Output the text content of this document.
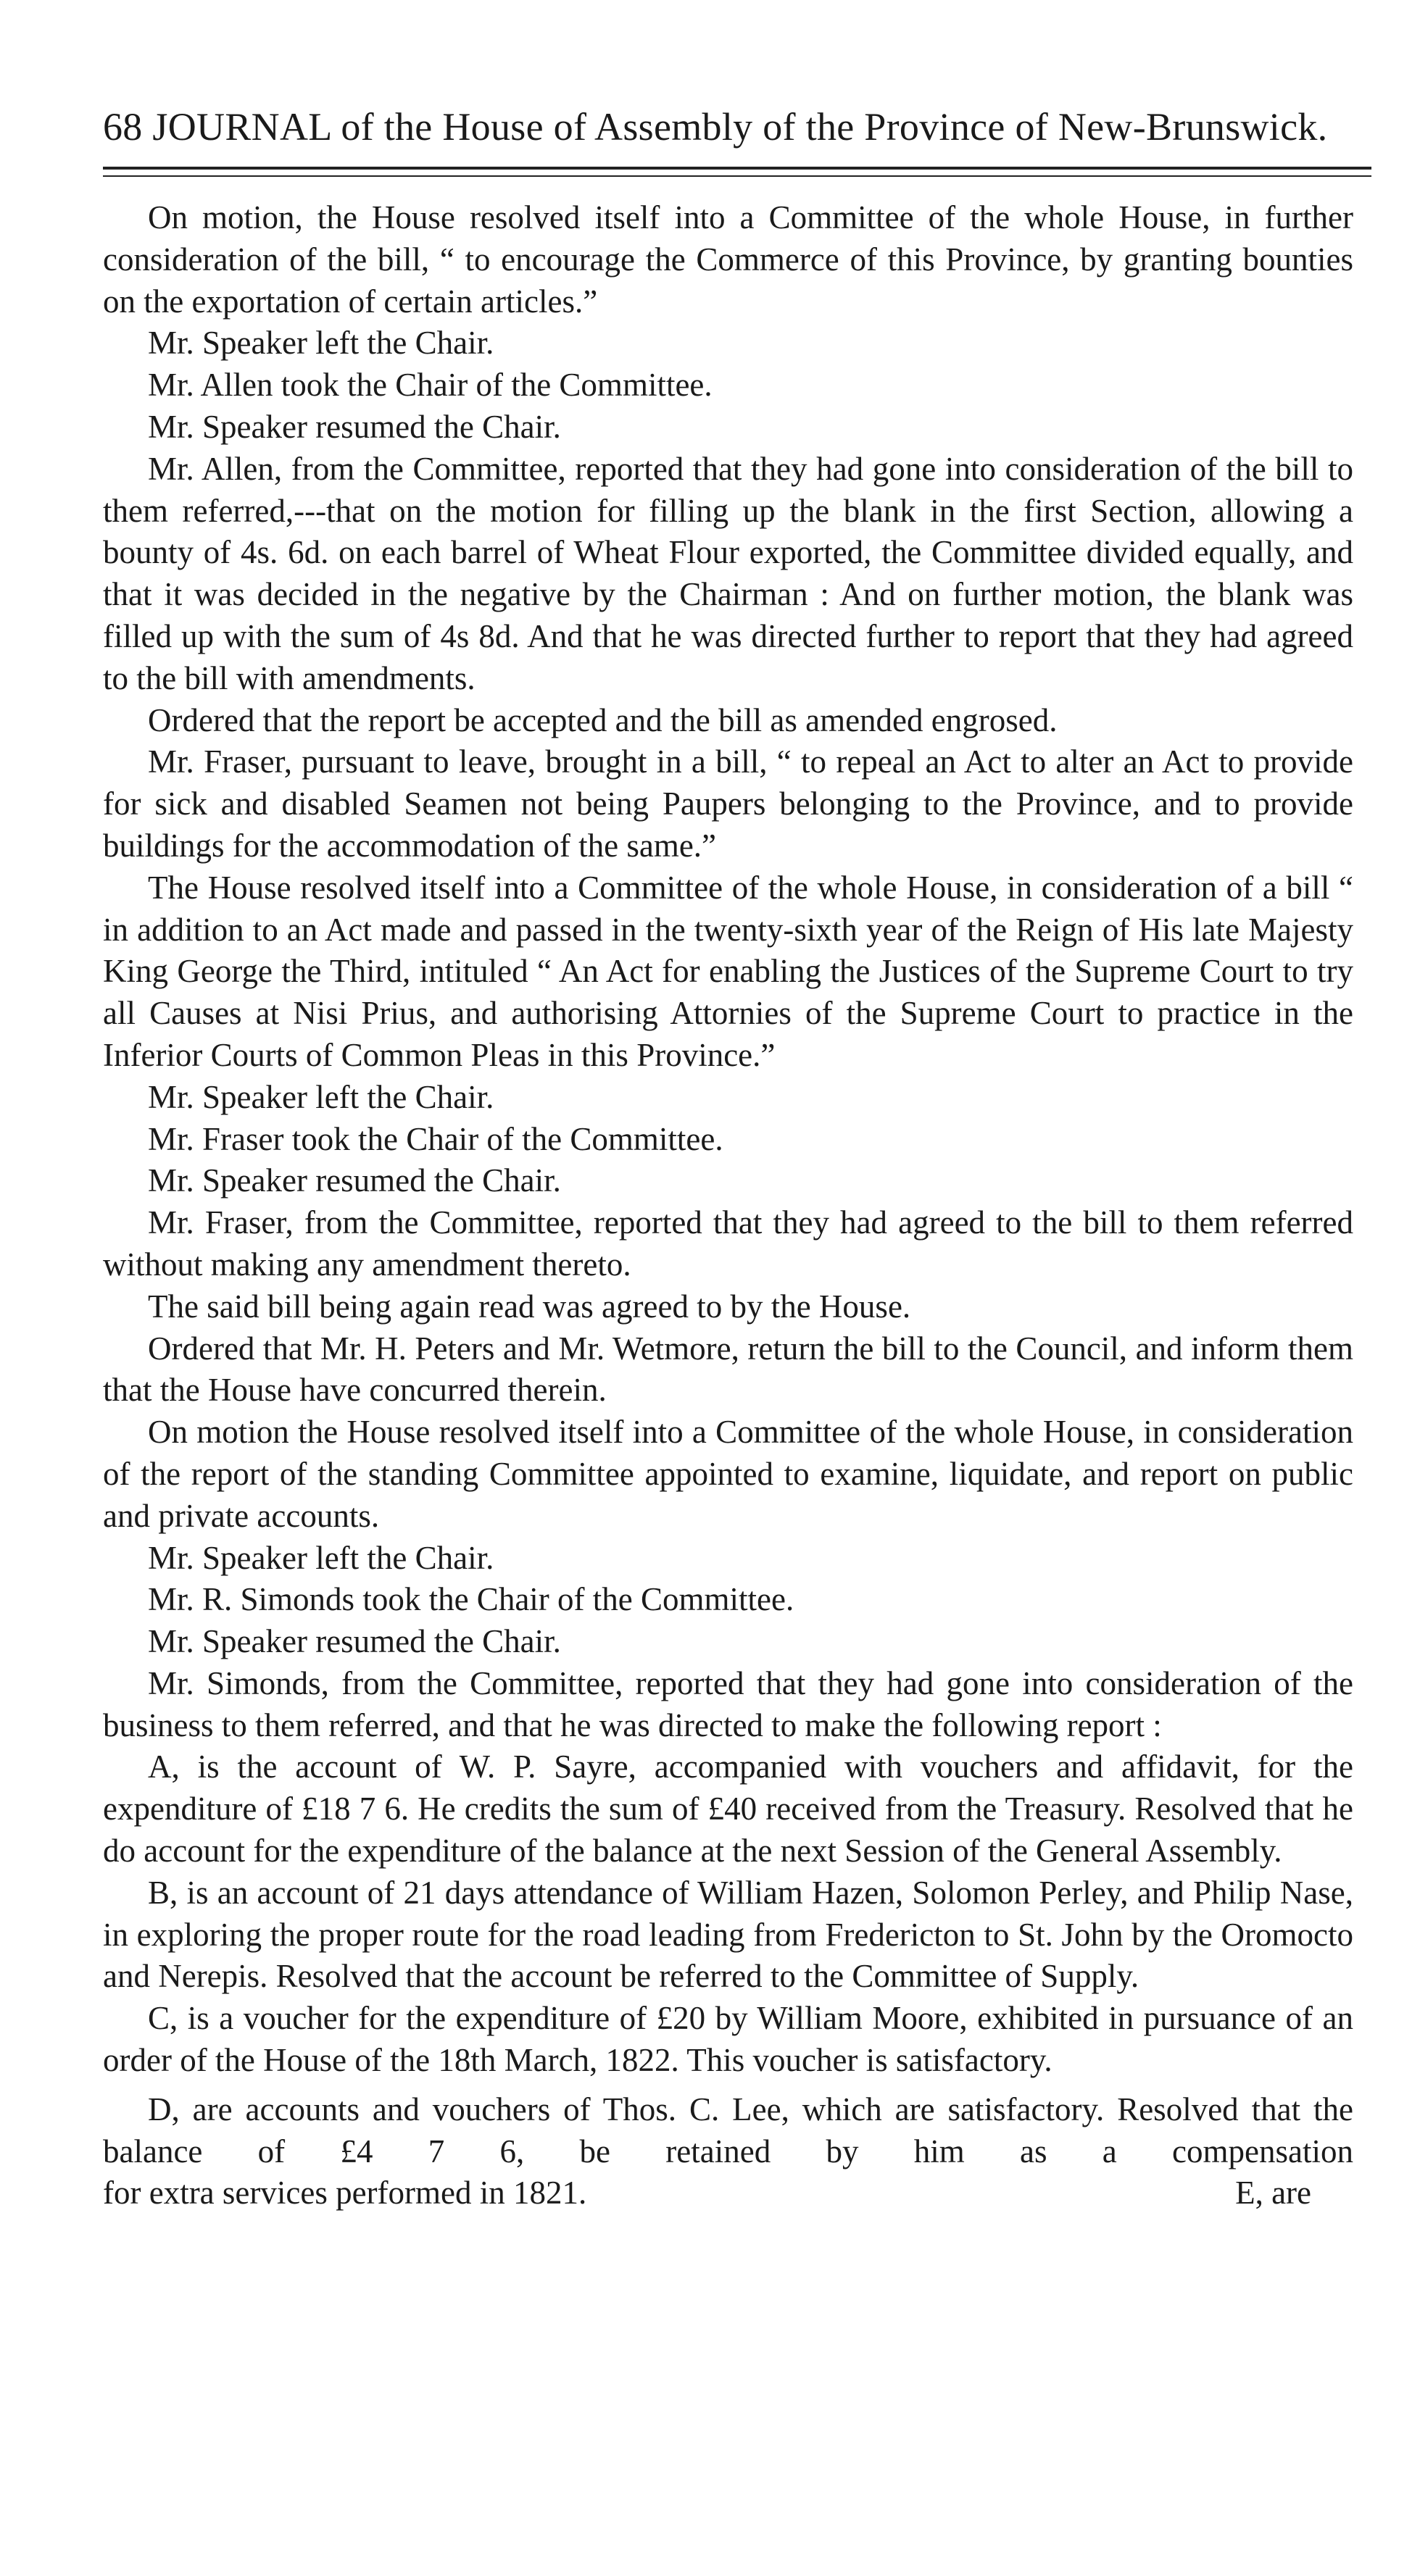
68 JOURNAL of the House of Assembly of the Province of New-Brunswick.

On motion, the House resolved itself into a Committee of the whole House, in further consideration of the bill, “ to encourage the Commerce of this Province, by granting bounties on the exportation of certain articles.”

Mr. Speaker left the Chair.

Mr. Allen took the Chair of the Committee.

Mr. Speaker resumed the Chair.

Mr. Allen, from the Committee, reported that they had gone into consideration of the bill to them referred,---that on the motion for filling up the blank in the first Section, allowing a bounty of 4s. 6d. on each barrel of Wheat Flour exported, the Committee divided equally, and that it was decided in the negative by the Chairman : And on further motion, the blank was filled up with the sum of 4s 8d. And that he was directed further to report that they had agreed to the bill with amendments.

Ordered that the report be accepted and the bill as amended engrosed.

Mr. Fraser, pursuant to leave, brought in a bill, “ to repeal an Act to alter an Act to provide for sick and disabled Seamen not being Paupers belonging to the Province, and to provide buildings for the accommodation of the same.”

The House resolved itself into a Committee of the whole House, in consideration of a bill “ in addition to an Act made and passed in the twenty-sixth year of the Reign of His late Majesty King George the Third, intituled “ An Act for enabling the Justices of the Supreme Court to try all Causes at Nisi Prius, and authorising Attornies of the Supreme Court to practice in the Inferior Courts of Common Pleas in this Province.”

Mr. Speaker left the Chair.

Mr. Fraser took the Chair of the Committee.

Mr. Speaker resumed the Chair.

Mr. Fraser, from the Committee, reported that they had agreed to the bill to them referred without making any amendment thereto.

The said bill being again read was agreed to by the House.

Ordered that Mr. H. Peters and Mr. Wetmore, return the bill to the Council, and inform them that the House have concurred therein.

On motion the House resolved itself into a Committee of the whole House, in consideration of the report of the standing Committee appointed to examine, liquidate, and report on public and private accounts.

Mr. Speaker left the Chair.

Mr. R. Simonds took the Chair of the Committee.

Mr. Speaker resumed the Chair.

Mr. Simonds, from the Committee, reported that they had gone into consideration of the business to them referred, and that he was directed to make the following report :

A, is the account of W. P. Sayre, accompanied with vouchers and affidavit, for the expenditure of £18 7 6. He credits the sum of £40 received from the Treasury. Resolved that he do account for the expenditure of the balance at the next Session of the General Assembly.

B, is an account of 21 days attendance of William Hazen, Solomon Perley, and Philip Nase, in exploring the proper route for the road leading from Fredericton to St. John by the Oromocto and Nerepis. Resolved that the account be referred to the Committee of Supply.

C, is a voucher for the expenditure of £20 by William Moore, exhibited in pursuance of an order of the House of the 18th March, 1822. This voucher is satisfactory.

D, are accounts and vouchers of Thos. C. Lee, which are satisfactory. Resolved that the balance of £4 7 6, be retained by him as a compensation

for extra services performed in 1821.	E, are
